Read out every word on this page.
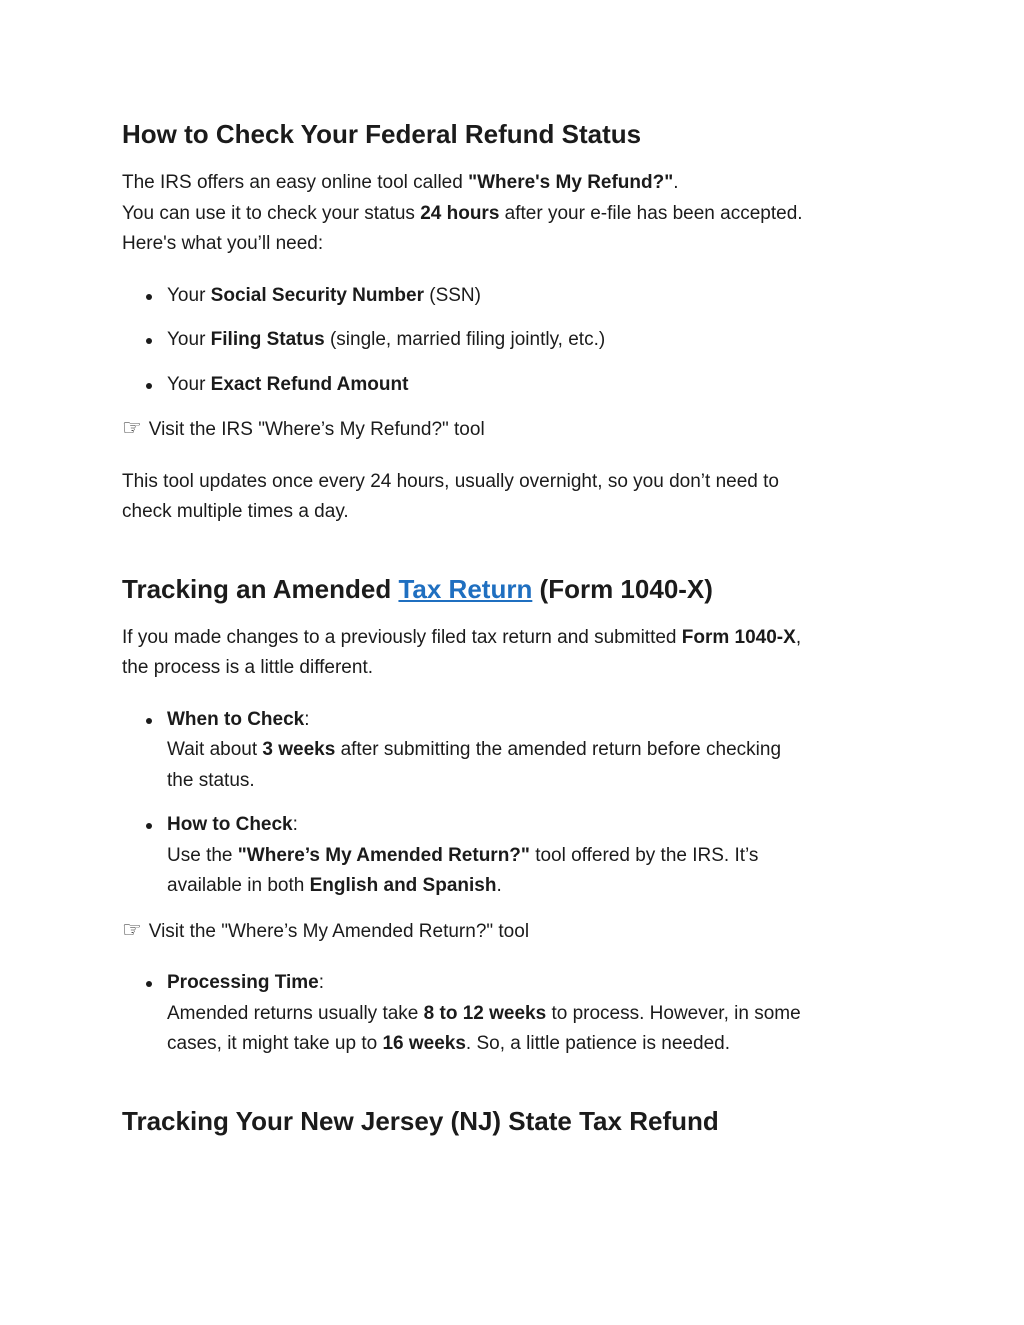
How to Check Your Federal Refund Status

The IRS offers an easy online tool called "Where's My Refund?".
You can use it to check your status 24 hours after your e-file has been accepted.
Here's what you’ll need:

Your Social Security Number (SSN)
Your Filing Status (single, married filing jointly, etc.)
Your Exact Refund Amount

☞ Visit the IRS "Where’s My Refund?" tool

This tool updates once every 24 hours, usually overnight, so you don’t need to
check multiple times a day.

Tracking an Amended Tax Return (Form 1040-X)

If you made changes to a previously filed tax return and submitted Form 1040-X,
the process is a little different.

When to Check:
Wait about 3 weeks after submitting the amended return before checking
the status.
How to Check:
Use the "Where’s My Amended Return?" tool offered by the IRS. It’s
available in both English and Spanish.

☞ Visit the "Where’s My Amended Return?" tool

Processing Time:
Amended returns usually take 8 to 12 weeks to process. However, in some
cases, it might take up to 16 weeks. So, a little patience is needed.
Tracking Your New Jersey (NJ) State Tax Refund
